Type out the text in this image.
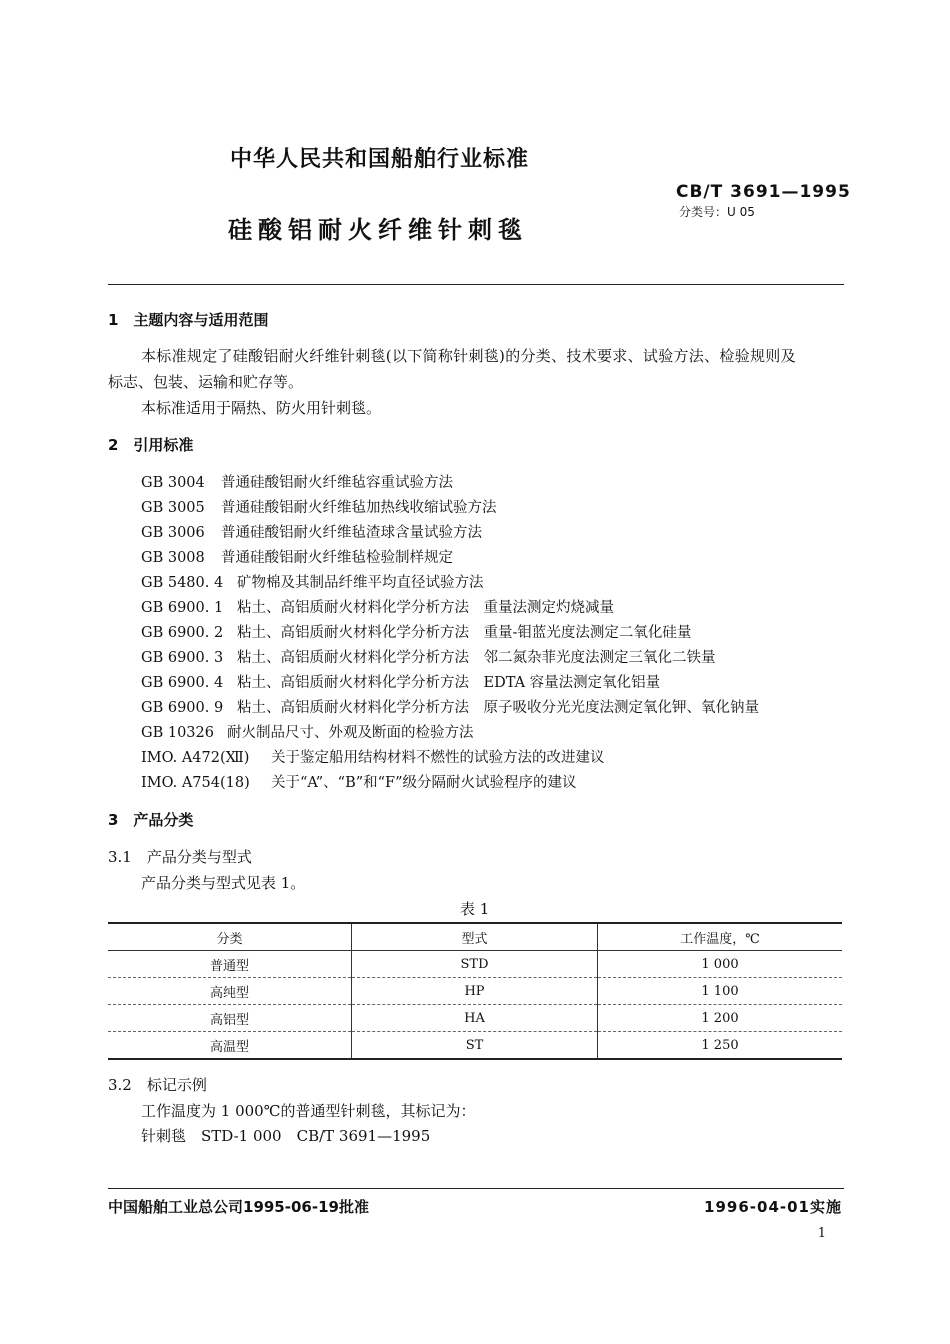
中华人民共和国船舶行业标准
硅酸铝耐火纤维针刺毯
CB/T 3691—1995
分类号：U 05
1　主题内容与适用范围
本标准规定了硅酸铝耐火纤维针刺毯(以下简称针刺毯)的分类、技术要求、试验方法、检验规则及
标志、包装、运输和贮存等。
本标准适用于隔热、防火用针刺毯。
2　引用标准
GB 3004 普通硅酸铝耐火纤维毡容重试验方法
GB 3005 普通硅酸铝耐火纤维毡加热线收缩试验方法
GB 3006 普通硅酸铝耐火纤维毡渣球含量试验方法
GB 3008 普通硅酸铝耐火纤维毡检验制样规定
GB 5480. 4 矿物棉及其制品纤维平均直径试验方法
GB 6900. 1 粘土、高铝质耐火材料化学分析方法　重量法测定灼烧减量
GB 6900. 2 粘土、高铝质耐火材料化学分析方法　重量-钼蓝光度法测定二氧化硅量
GB 6900. 3 粘土、高铝质耐火材料化学分析方法　邻二氮杂菲光度法测定三氧化二铁量
GB 6900. 4 粘土、高铝质耐火材料化学分析方法　EDTA 容量法测定氧化铝量
GB 6900. 9 粘土、高铝质耐火材料化学分析方法　原子吸收分光光度法测定氧化钾、氧化钠量
GB 10326 耐火制品尺寸、外观及断面的检验方法
IMO. A472(Ⅻ) 关于鉴定船用结构材料不燃性的试验方法的改进建议
IMO. A754(18) 关于“A”、“B”和“F”级分隔耐火试验程序的建议
3　产品分类
3.1　产品分类与型式
产品分类与型式见表 1。
表 1
分类	型式	工作温度，℃
普通型	STD	1 000
高纯型	HP	1 100
高铝型	HA	1 200
高温型	ST	1 250
3.2　标记示例
工作温度为 1 000℃的普通型针刺毯，其标记为：
针刺毯　STD-1 000　CB/T 3691—1995
中国船舶工业总公司1995-06-19批准	1996-04-01实施
1
